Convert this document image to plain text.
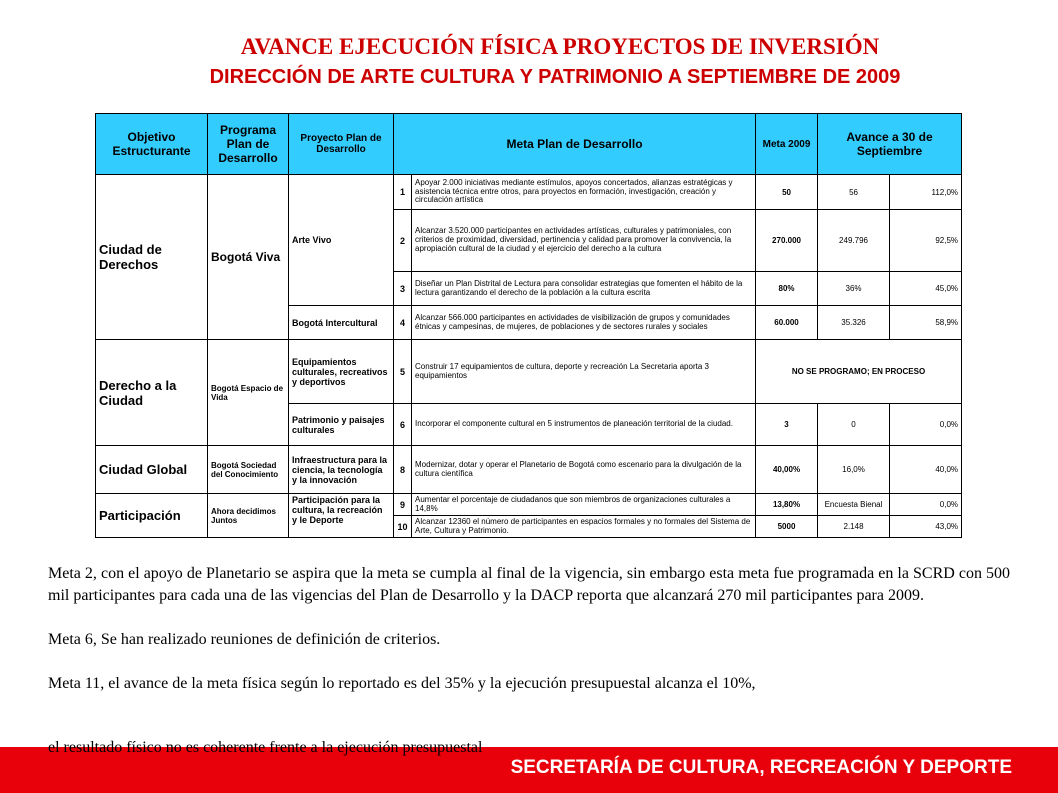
AVANCE EJECUCIÓN FÍSICA PROYECTOS DE INVERSIÓN
DIRECCIÓN DE ARTE CULTURA Y PATRIMONIO A SEPTIEMBRE DE 2009
Objetivo Estructurante	Programa Plan de Desarrollo	Proyecto Plan de Desarrollo	Meta Plan de Desarrollo		Meta 2009	Avance a 30 de Septiembre	
Ciudad de Derechos	Bogotá Viva	Arte Vivo	1	Apoyar 2.000 iniciativas mediante estímulos, apoyos concertados, alianzas estratégicas y asistencia técnica entre otros, para proyectos en formación, investigación, creación y circulación artística	50	56	112,0%
			2	Alcanzar 3.520.000 participantes en actividades artísticas, culturales y patrimoniales, con criterios de proximidad, diversidad, pertinencia y calidad para promover la convivencia, la apropiación cultural de la ciudad y el ejercicio del derecho a la cultura	270.000	249.796	92,5%
			3	Diseñar un Plan Distrital de Lectura para consolidar estrategias que fomenten el hábito de la lectura garantizando el derecho de la población a la cultura escrita	80%	36%	45,0%
		Bogotá Intercultural	4	Alcanzar 566.000 participantes en actividades de visibilización de grupos y comunidades étnicas y campesinas, de mujeres, de poblaciones y de sectores rurales y sociales	60.000	35.326	58,9%
Derecho a la Ciudad	Bogotá Espacio de Vida	Equipamientos culturales, recreativos y deportivos	5	Construir 17 equipamientos de cultura, deporte y recreación La Secretaria aporta 3 equipamientos	NO SE PROGRAMO; EN PROCESO		
		Patrimonio y paisajes culturales	6	Incorporar el componente cultural en 5 instrumentos de planeación territorial de la ciudad.	3	0	0,0%
Ciudad Global	Bogotá Sociedad del Conocimiento	Infraestructura para la ciencia, la tecnología y la innovación	8	Modernizar, dotar y operar el Planetario de Bogotá como escenario para la divulgación de la cultura científica	40,00%	16,0%	40,0%
Participación	Ahora decidimos Juntos	Participación para la cultura, la recreación y le Deporte	9	Aumentar el porcentaje de ciudadanos que son miembros de organizaciones culturales a 14,8%	13,80%	Encuesta Bienal	0,0%
			10	Alcanzar 12360 el número de participantes en espacios formales y no formales del Sistema de Arte, Cultura y Patrimonio.	5000	2.148	43,0%

Meta 2, con el apoyo de Planetario se aspira que la meta se cumpla al final de la vigencia, sin embargo esta meta fue programada en la SCRD con 500 mil participantes para cada una de las vigencias del Plan de Desarrollo y la DACP reporta que alcanzará 270 mil participantes para 2009.

Meta 6, Se han realizado reuniones de definición de criterios.

Meta 11, el avance de la meta física según lo reportado es del 35% y la ejecución presupuestal alcanza el 10%,

SECRETARÍA DE CULTURA, RECREACIÓN Y DEPORTE
el resultado físico no es coherente frente a la ejecución presupuestal
